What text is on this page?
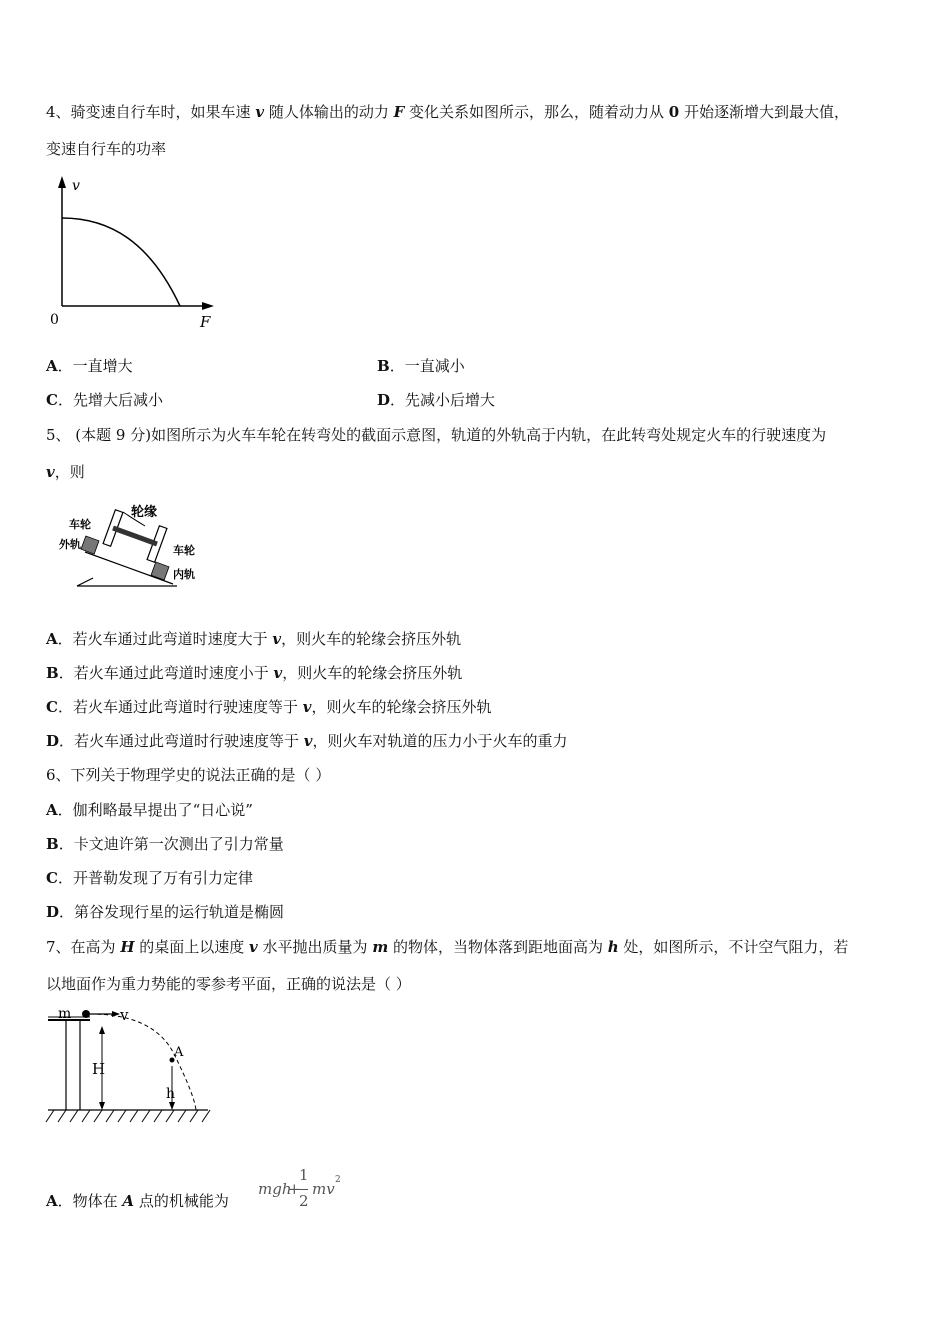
4、骑变速自行车时，如果车速 v 随人体输出的动力 F 变化关系如图所示，那么，随着动力从 0 开始逐渐增大到最大值，
变速自行车的功率
v
F
0
A．一直增大	B．一直减小
C．先增大后减小	D．先减小后增大
5、 (本题 9 分)如图所示为火车车轮在转弯处的截面示意图，轨道的外轨高于内轨，在此转弯处规定火车的行驶速度为
v，则
轮缘
车轮
外轨	车轮
内轨
A．若火车通过此弯道时速度大于 v，则火车的轮缘会挤压外轨
B．若火车通过此弯道时速度小于 v，则火车的轮缘会挤压外轨
C．若火车通过此弯道时行驶速度等于 v，则火车的轮缘会挤压外轨
D．若火车通过此弯道时行驶速度等于 v，则火车对轨道的压力小于火车的重力
6、下列关于物理学史的说法正确的是（ ）
A．伽利略最早提出了“日心说”
B．卡文迪许第一次测出了引力常量
C．开普勒发现了万有引力定律
D．第谷发现行星的运行轨道是椭圆
7、在高为 H 的桌面上以速度 v 水平抛出质量为 m 的物体，当物体落到距地面高为 h 处，如图所示，不计空气阻力，若
以地面作为重力势能的零参考平面，正确的说法是（ ）
m	v
H
A
h
A．物体在 A 点的机械能为
mgh
+
1
2
mv 2
